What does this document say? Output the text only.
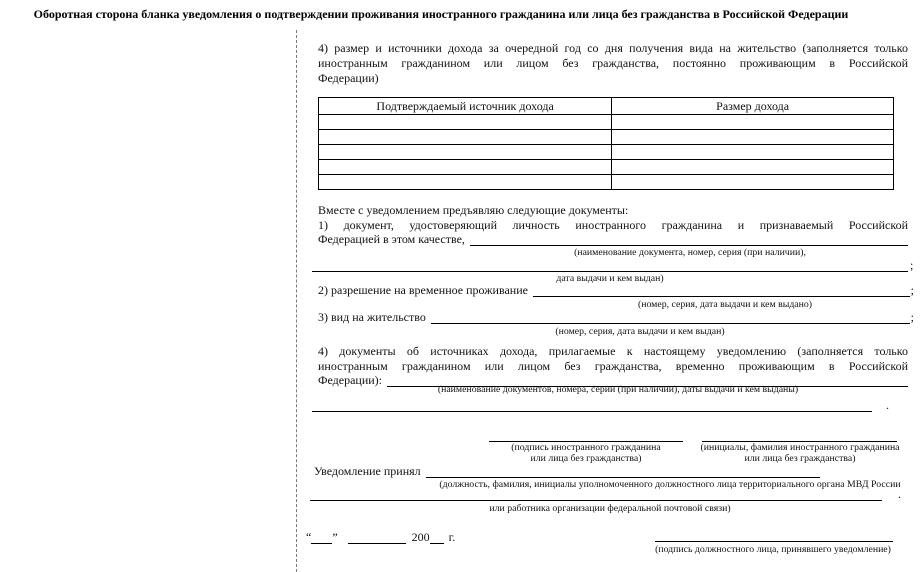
Оборотная сторона бланка уведомления о подтверждении проживания иностранного гражданина или лица без гражданства в Российской Федерации
4) размер и источники дохода за очередной год со дня получения вида на жительство (заполняется только
иностранным гражданином или лицом без гражданства, постоянно проживающим в Российской
Федерации)
Подтверждаемый источник дохода	Размер дохода

Вместе с уведомлением предъявляю следующие документы:
1) документ, удостоверяющий личность иностранного гражданина и признаваемый Российской
Федерацией в этом качестве,
(наименование документа, номер, серия (при наличии),
;
дата выдачи и кем выдан)
2) разрешение на временное проживание	;
(номер, серия, дата выдачи и кем выдано)
3) вид на жительство	;
(номер, серия, дата выдачи и кем выдан)
4) документы об источниках дохода, прилагаемые к настоящему уведомлению (заполняется только
иностранным гражданином или лицом без гражданства, временно проживающим в Российской
Федерации):
(наименование документов, номера, серии (при наличии), даты выдачи и кем выданы)
.
(подпись иностранного гражданина
или лица без гражданства)
(инициалы, фамилия иностранного гражданина
или лица без гражданства)
Уведомление принял
(должность, фамилия, инициалы уполномоченного должностного лица территориального органа МВД России
.
или работника организации федеральной почтовой связи)
“ ”	200 г.
(подпись должностного лица, принявшего уведомление)
